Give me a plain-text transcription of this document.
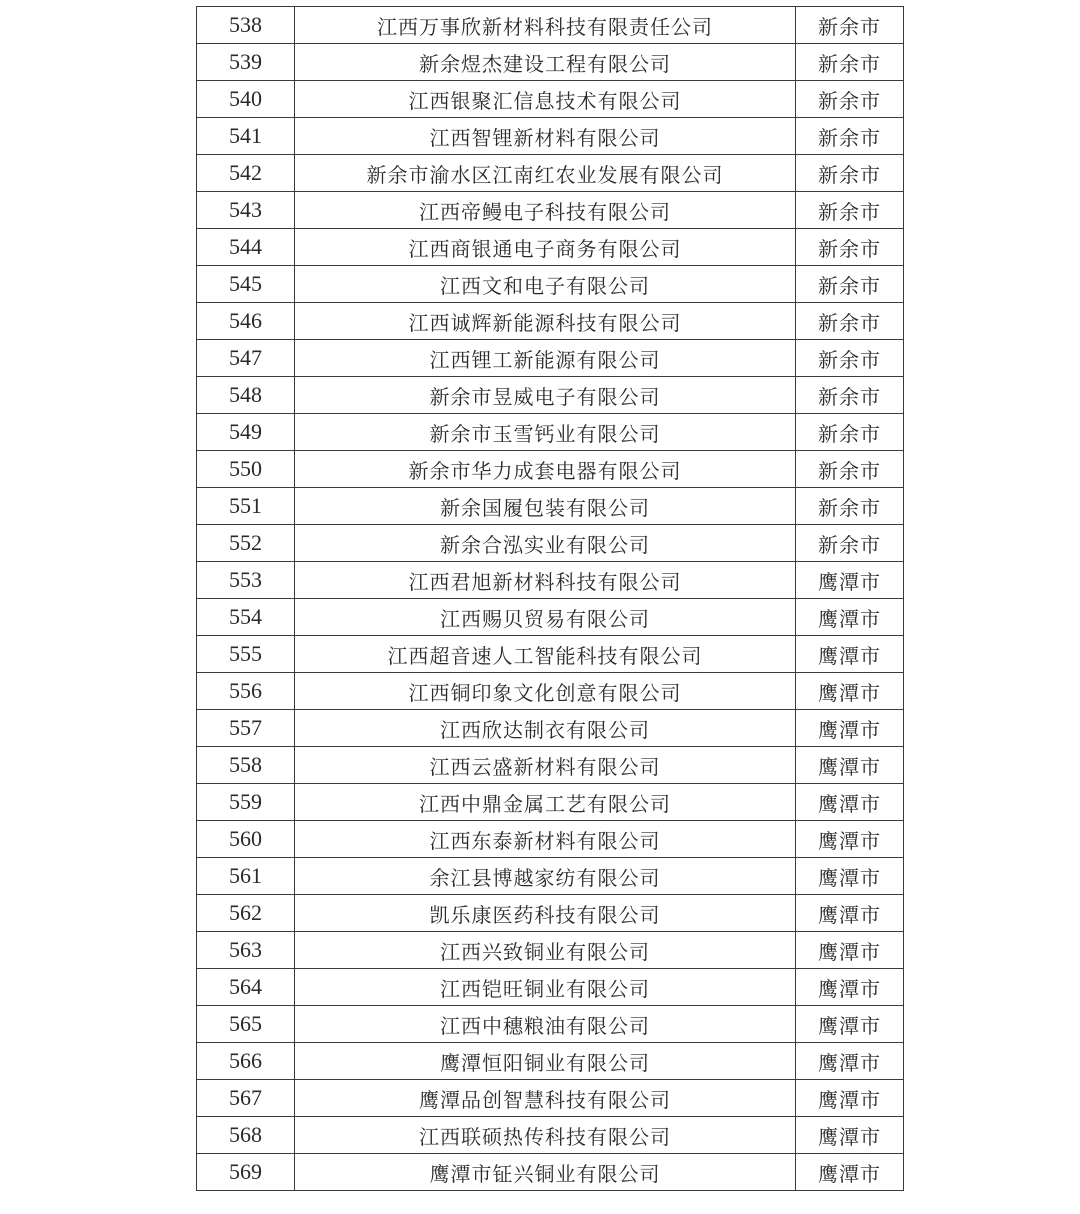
538	江西万事欣新材料科技有限责任公司	新余市
539	新余煜杰建设工程有限公司	新余市
540	江西银聚汇信息技术有限公司	新余市
541	江西智锂新材料有限公司	新余市
542	新余市渝水区江南红农业发展有限公司	新余市
543	江西帝鳗电子科技有限公司	新余市
544	江西商银通电子商务有限公司	新余市
545	江西文和电子有限公司	新余市
546	江西诚辉新能源科技有限公司	新余市
547	江西锂工新能源有限公司	新余市
548	新余市昱威电子有限公司	新余市
549	新余市玉雪钙业有限公司	新余市
550	新余市华力成套电器有限公司	新余市
551	新余国履包装有限公司	新余市
552	新余合泓实业有限公司	新余市
553	江西君旭新材料科技有限公司	鹰潭市
554	江西赐贝贸易有限公司	鹰潭市
555	江西超音速人工智能科技有限公司	鹰潭市
556	江西铜印象文化创意有限公司	鹰潭市
557	江西欣达制衣有限公司	鹰潭市
558	江西云盛新材料有限公司	鹰潭市
559	江西中鼎金属工艺有限公司	鹰潭市
560	江西东泰新材料有限公司	鹰潭市
561	余江县博越家纺有限公司	鹰潭市
562	凯乐康医药科技有限公司	鹰潭市
563	江西兴致铜业有限公司	鹰潭市
564	江西铠旺铜业有限公司	鹰潭市
565	江西中穗粮油有限公司	鹰潭市
566	鹰潭恒阳铜业有限公司	鹰潭市
567	鹰潭品创智慧科技有限公司	鹰潭市
568	江西联硕热传科技有限公司	鹰潭市
569	鹰潭市钲兴铜业有限公司	鹰潭市
